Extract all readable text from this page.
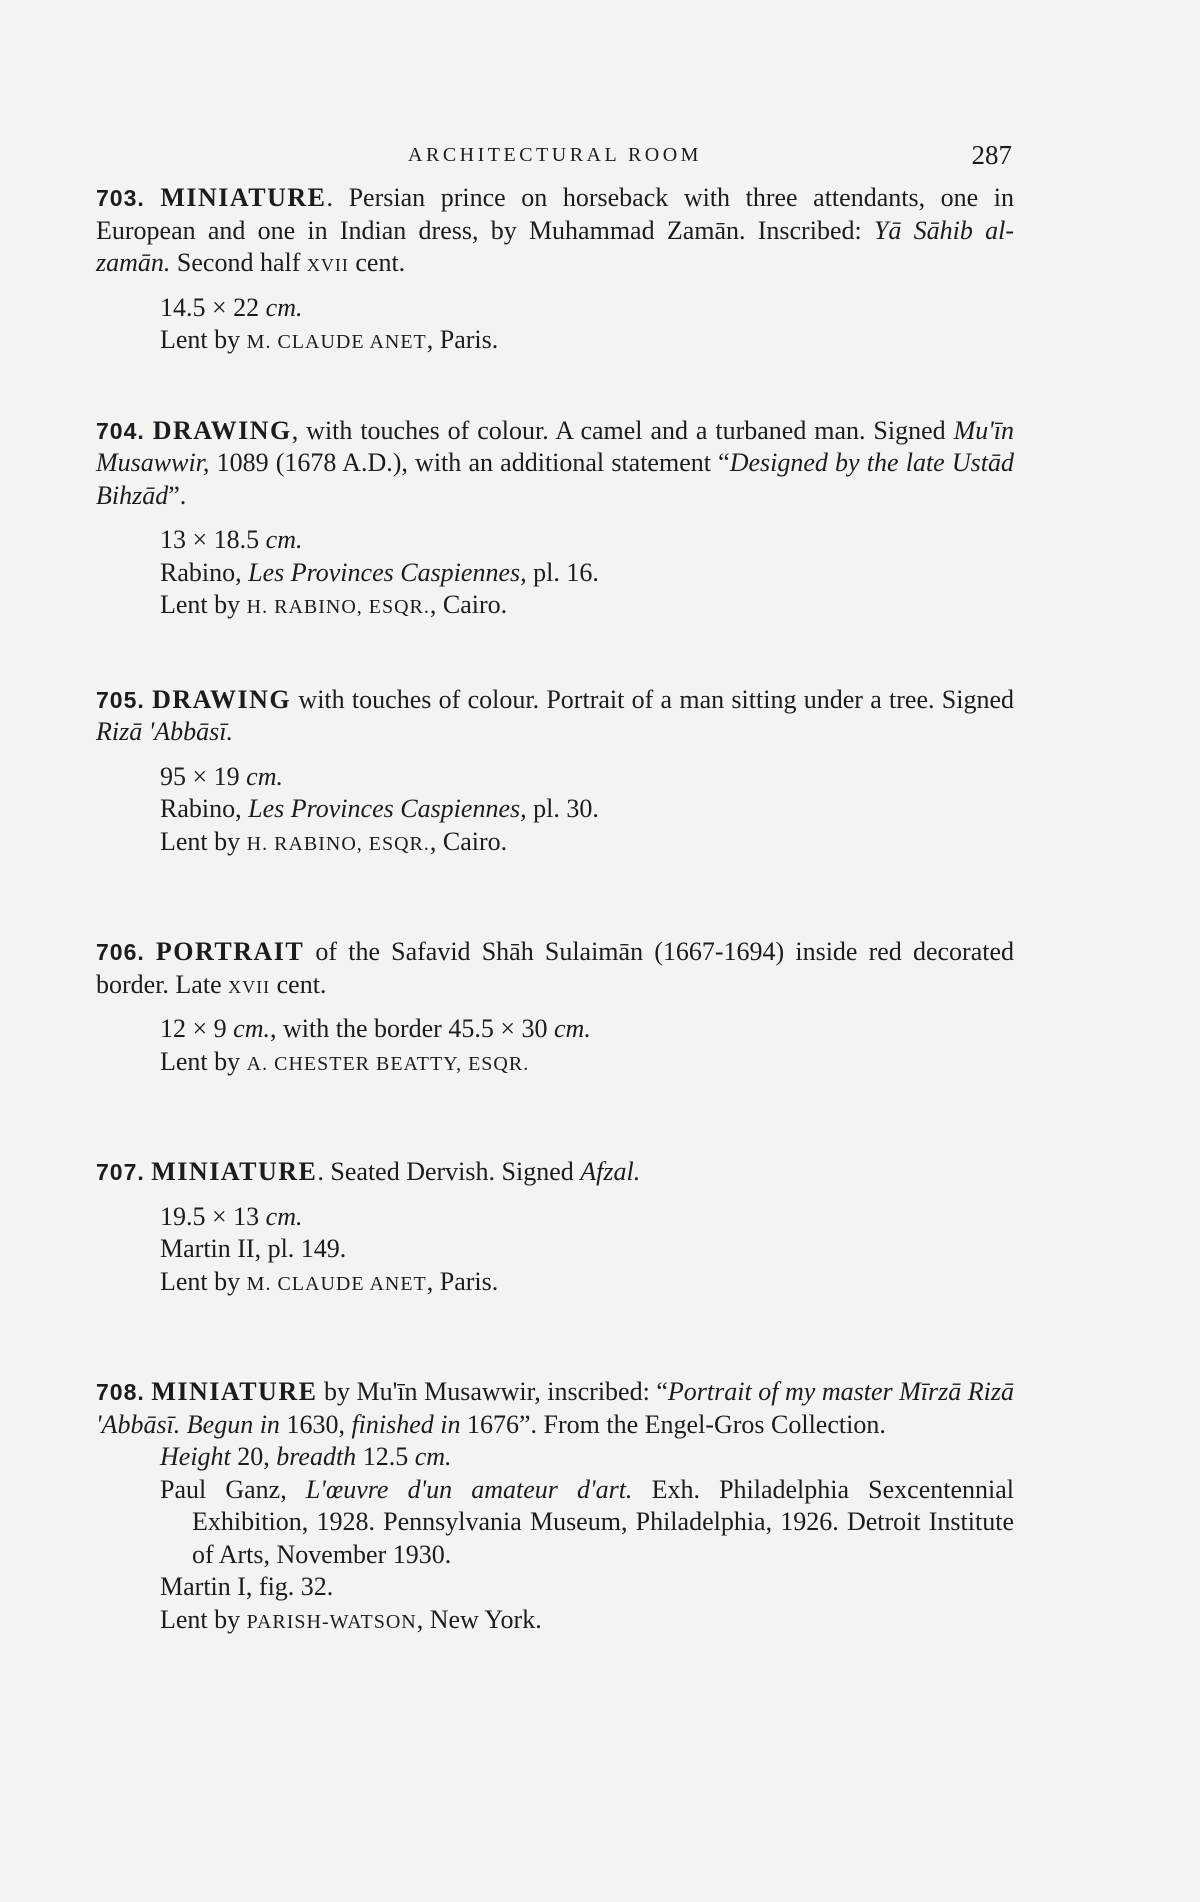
ARCHITECTURAL ROOM	287

703. MINIATURE. Persian prince on horseback with three attendants, one in European and one in Indian dress, by Muhammad Zamān. Inscribed: Yā Sāhib al-zamān. Second half xvii cent.

14.5 × 22 cm.
Lent by M. CLAUDE ANET, Paris.

704. DRAWING, with touches of colour. A camel and a turbaned man. Signed Mu'īn Musawwir, 1089 (1678 A.D.), with an additional statement “Designed by the late Ustād Bihzād”.

13 × 18.5 cm.
Rabino, Les Provinces Caspiennes, pl. 16.
Lent by H. RABINO, ESQR., Cairo.

705. DRAWING with touches of colour. Portrait of a man sitting under a tree. Signed Rizā 'Abbāsī.

95 × 19 cm.
Rabino, Les Provinces Caspiennes, pl. 30.
Lent by H. RABINO, ESQR., Cairo.

706. PORTRAIT of the Safavid Shāh Sulaimān (1667-1694) inside red decorated border. Late xvii cent.

12 × 9 cm., with the border 45.5 × 30 cm.
Lent by A. CHESTER BEATTY, ESQR.

707. MINIATURE. Seated Dervish. Signed Afzal.

19.5 × 13 cm.
Martin II, pl. 149.
Lent by M. CLAUDE ANET, Paris.

708. MINIATURE by Mu'īn Musawwir, inscribed: “Portrait of my master Mīrzā Rizā 'Abbāsī. Begun in 1630, finished in 1676”. From the Engel-Gros Collection.

Height 20, breadth 12.5 cm.
Paul Ganz, L'œuvre d'un amateur d'art. Exh. Philadelphia Sexcentennial Exhibition, 1928. Pennsylvania Museum, Philadelphia, 1926. Detroit Institute of Arts, November 1930.
Martin I, fig. 32.
Lent by PARISH-WATSON, New York.
